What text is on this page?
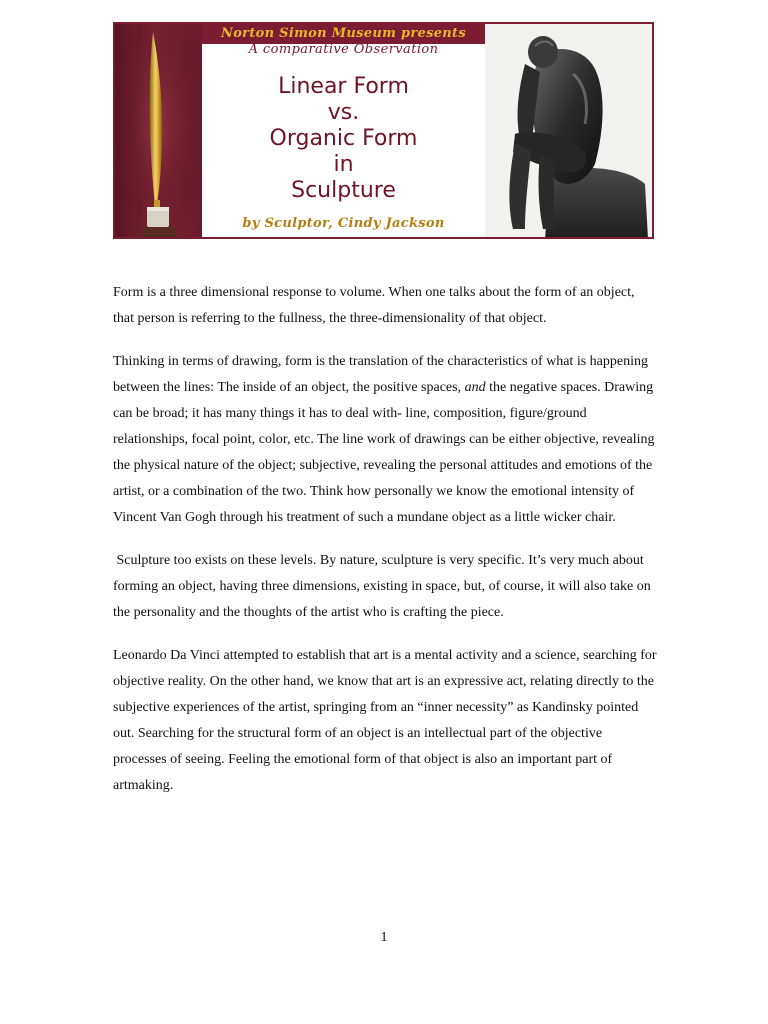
Norton Simon Museum presents
A comparative Observation
Linear Form
vs.
Organic Form
in
Sculpture
by Sculptor, Cindy Jackson

Form is a three dimensional response to volume. When one talks about the form of an object, that person is referring to the fullness, the three-dimensionality of that object.

Thinking in terms of drawing, form is the translation of the characteristics of what is happening between the lines: The inside of an object, the positive spaces, and the negative spaces. Drawing can be broad; it has many things it has to deal with- line, composition, figure/ground relationships, focal point, color, etc. The line work of drawings can be either objective, revealing the physical nature of the object; subjective, revealing the personal attitudes and emotions of the artist, or a combination of the two. Think how personally we know the emotional intensity of Vincent Van Gogh through his treatment of such a mundane object as a little wicker chair.

Sculpture too exists on these levels. By nature, sculpture is very specific. It’s very much about forming an object, having three dimensions, existing in space, but, of course, it will also take on the personality and the thoughts of the artist who is crafting the piece.

Leonardo Da Vinci attempted to establish that art is a mental activity and a science, searching for objective reality. On the other hand, we know that art is an expressive act, relating directly to the subjective experiences of the artist, springing from an “inner necessity” as Kandinsky pointed out. Searching for the structural form of an object is an intellectual part of the objective processes of seeing. Feeling the emotional form of that object is also an important part of artmaking.

1
